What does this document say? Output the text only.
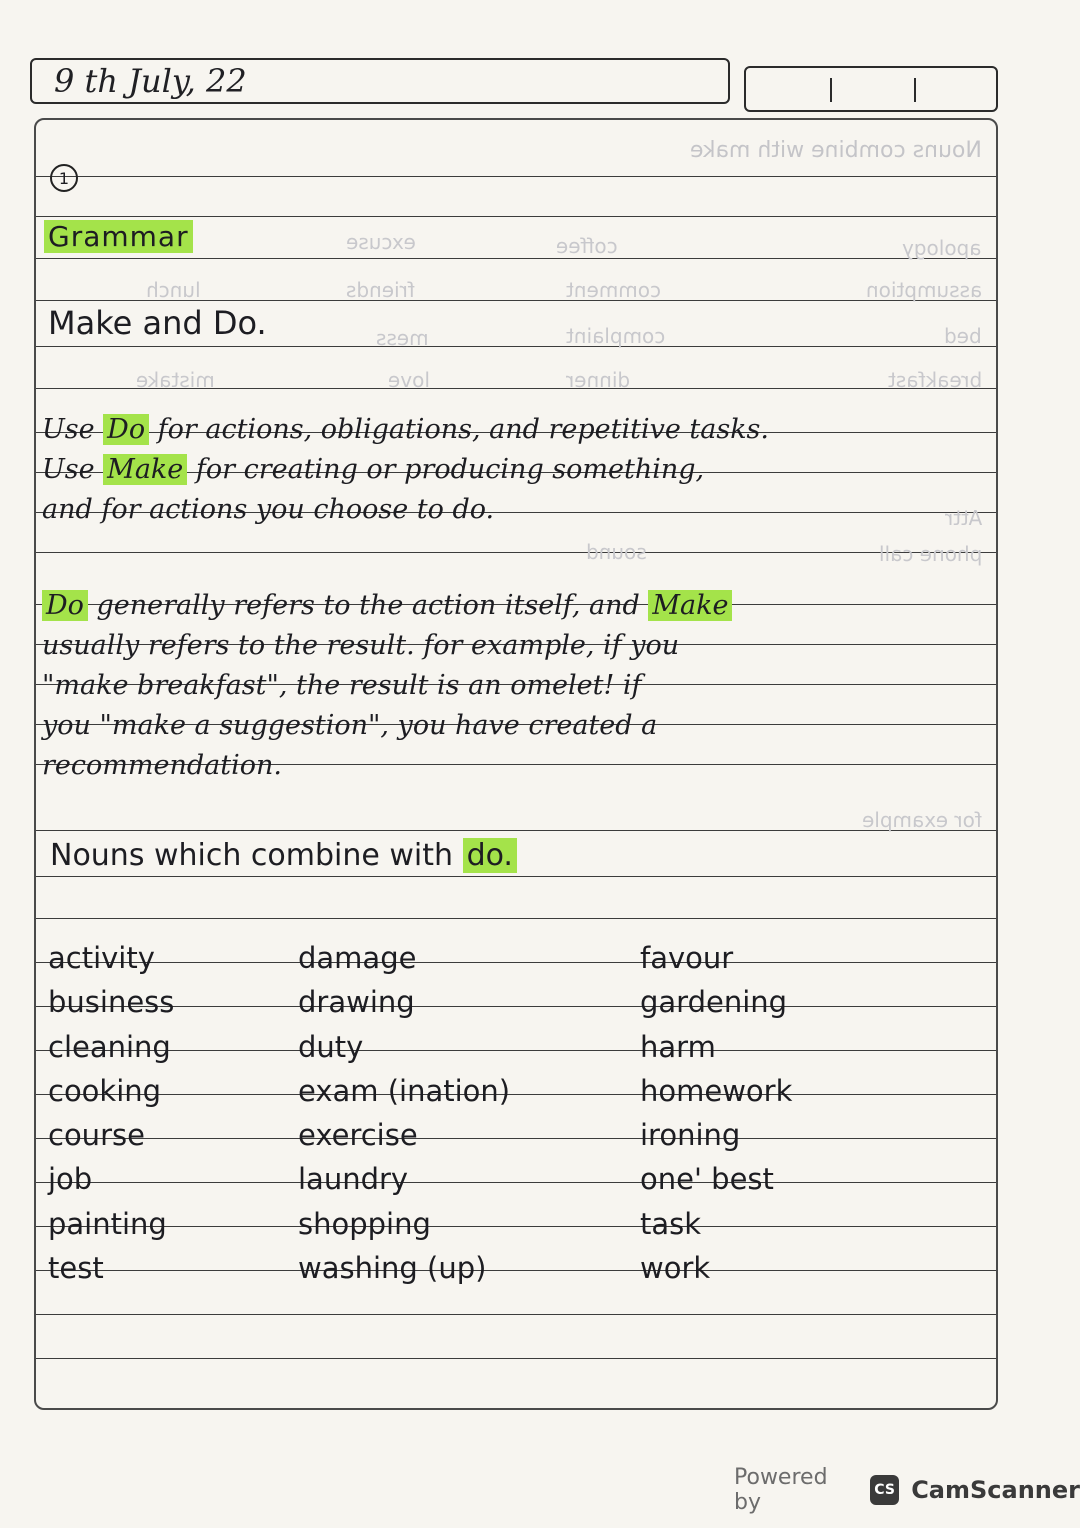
9 th July, 22
Nouns combine with make
apology
coffee
excuse
assumption
comment
friends
lunch
bed
complaint
mess
breakfast
dinner
love
mistake
Attr
phone call
sound
for example
1
Grammar
Make and Do.
Use Do for actions, obligations, and repetitive tasks.
Use Make for creating or producing something,
and for actions you choose to do.
Do generally refers to the action itself, and Make
usually refers to the result. for example, if you
"make breakfast", the result is an omelet! if
you "make a suggestion", you have created a
recommendation.
Nouns which combine with do.
activity
business
cleaning
cooking
course
job
painting
test
damage
drawing
duty
exam (ination)
exercise
laundry
shopping
washing (up)
favour
gardening
harm
homework
ironing
one' best
task
work
Powered by	CS CamScanner
